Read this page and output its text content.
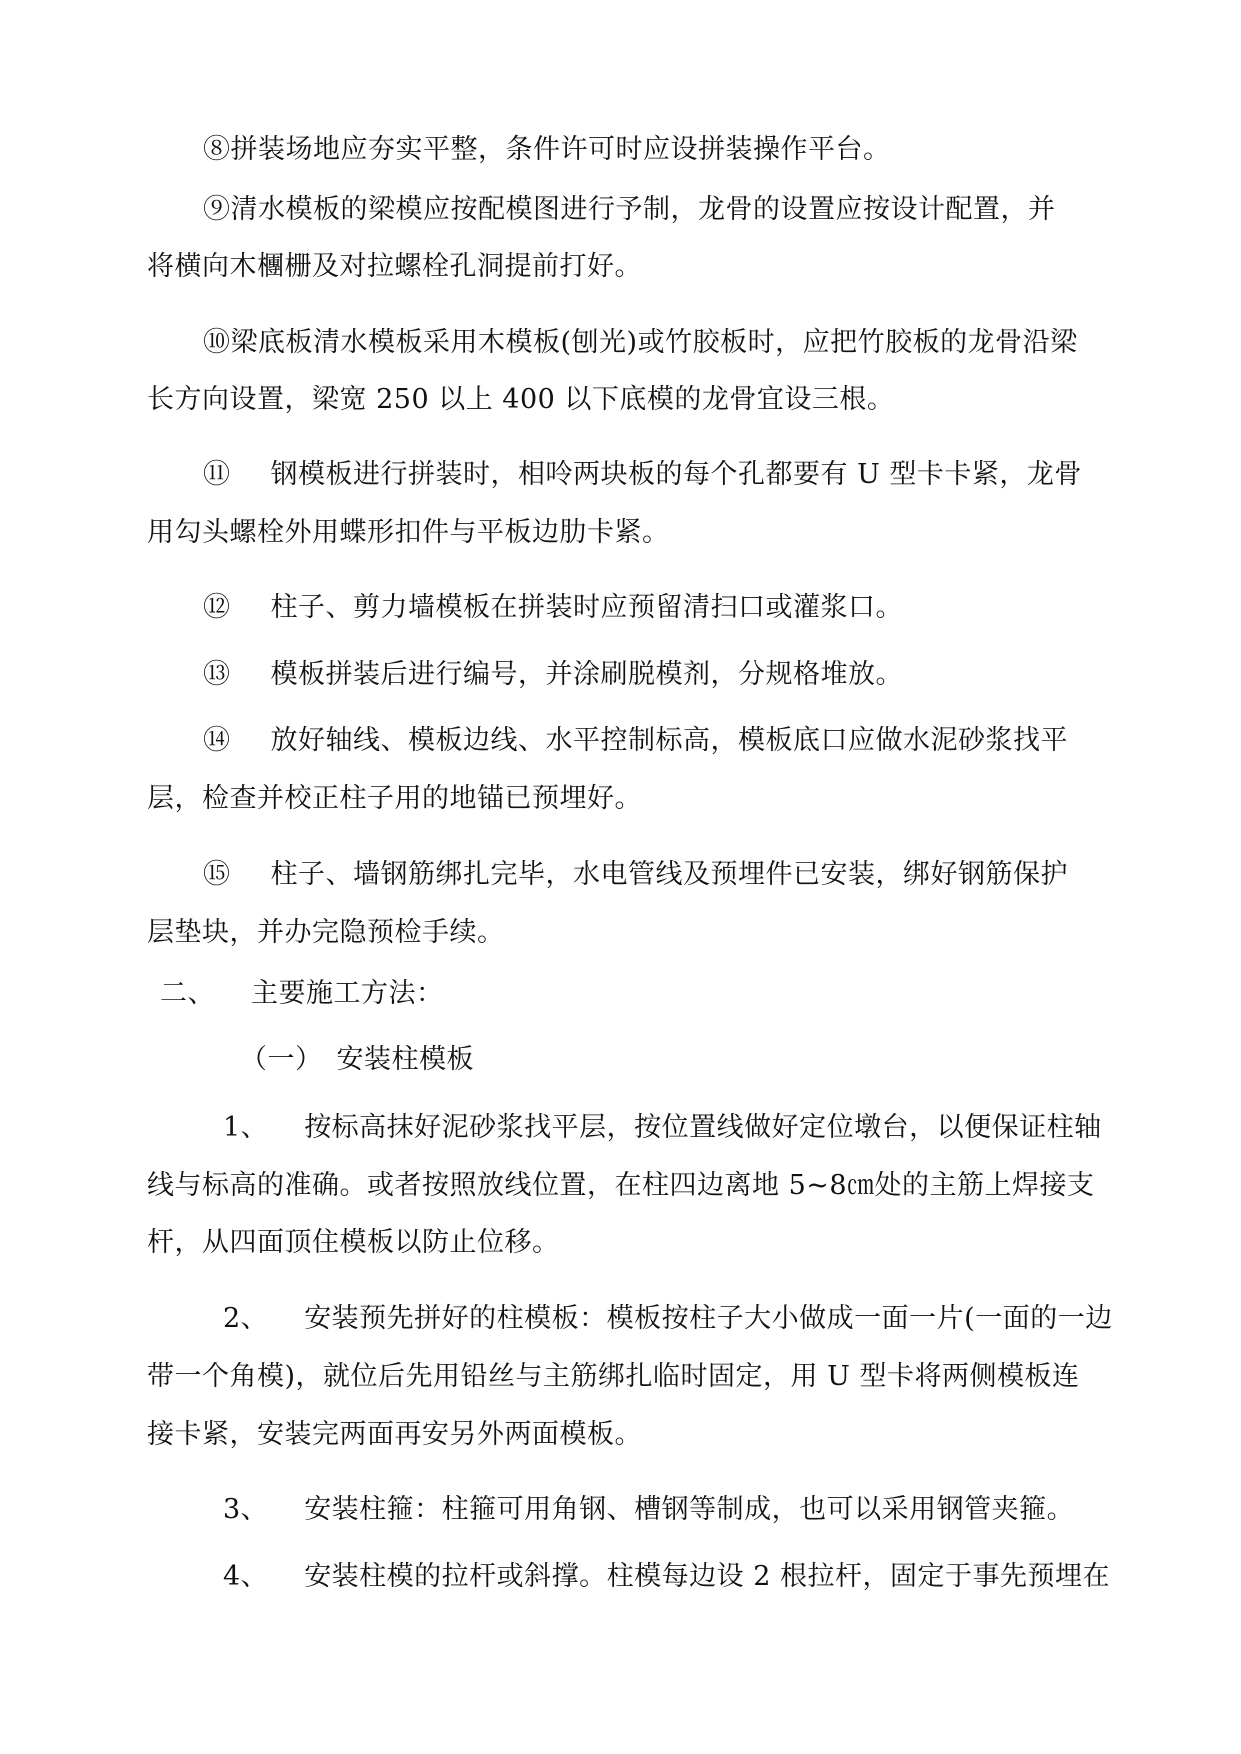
⑧拼装场地应夯实平整，条件许可时应设拼装操作平台。
⑨清水模板的梁模应按配模图进行予制，龙骨的设置应按设计配置，并
将横向木檲栅及对拉螺栓孔洞提前打好。
⑩梁底板清水模板采用木模板(刨光)或竹胶板时，应把竹胶板的龙骨沿梁
长方向设置，梁宽 250 以上 400 以下底模的龙骨宜设三根。
⑪ 钢模板进行拼装时，相呤两块板的每个孔都要有 U 型卡卡紧，龙骨
用勾头螺栓外用蝶形扣件与平板边肋卡紧。
⑫ 柱子、剪力墙模板在拼装时应预留清扫口或灌浆口。
⑬ 模板拼装后进行编号，并涂刷脱模剂，分规格堆放。
⑭ 放好轴线、模板边线、水平控制标高，模板底口应做水泥砂浆找平
层，检查并校正柱子用的地锚已预埋好。
⑮ 柱子、墙钢筋绑扎完毕，水电管线及预埋件已安装，绑好钢筋保护
层垫块，并办完隐预检手续。
二、 主要施工方法：
（一） 安装柱模板
1、 按标高抹好泥砂浆找平层，按位置线做好定位墩台，以便保证柱轴
线与标高的准确。或者按照放线位置，在柱四边离地 5~8㎝处的主筋上焊接支
杆，从四面顶住模板以防止位移。
2、 安装预先拼好的柱模板：模板按柱子大小做成一面一片(一面的一边
带一个角模)，就位后先用铅丝与主筋绑扎临时固定，用 U 型卡将两侧模板连
接卡紧，安装完两面再安另外两面模板。
3、 安装柱箍：柱箍可用角钢、槽钢等制成，也可以采用钢管夹箍。
4、 安装柱模的拉杆或斜撑。柱模每边设 2 根拉杆，固定于事先预埋在
